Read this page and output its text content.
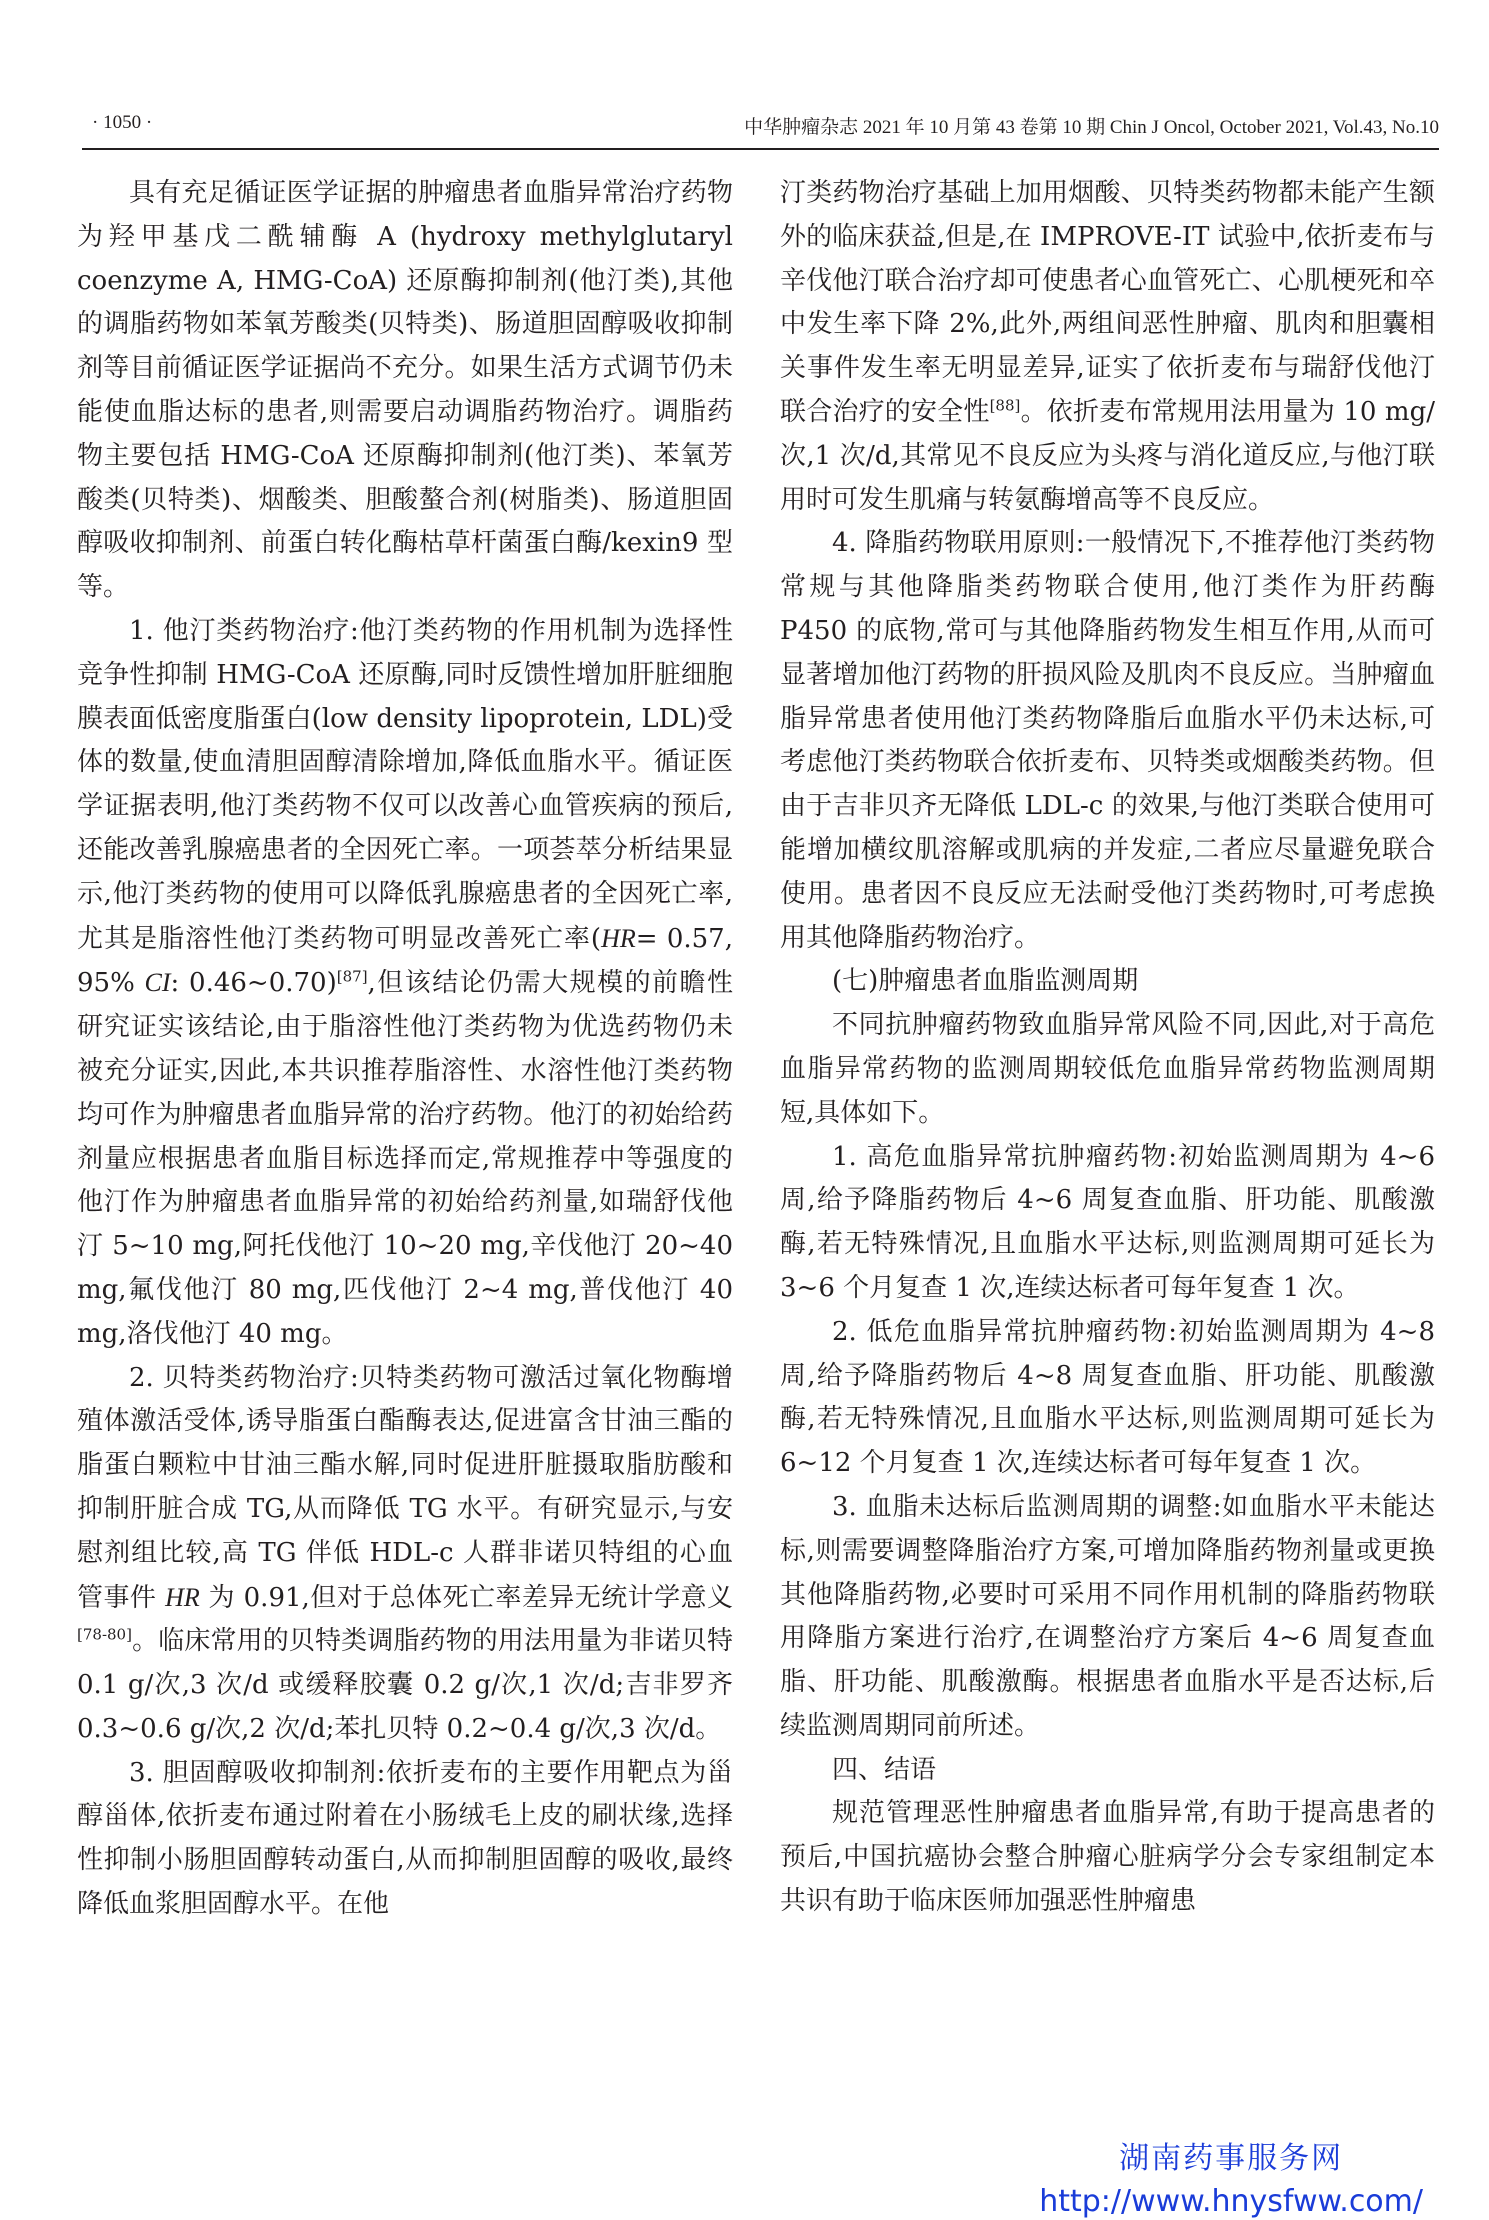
· 1050 ·	中华肿瘤杂志 2021 年 10 月第 43 卷第 10 期 Chin J Oncol, October 2021, Vol.43, No.10

具有充足循证医学证据的肿瘤患者血脂异常治疗药物为羟甲基戊二酰辅酶 A (hydroxy methylglutaryl coenzyme A, HMG-CoA) 还原酶抑制剂(他汀类),其他的调脂药物如苯氧芳酸类(贝特类)、肠道胆固醇吸收抑制剂等目前循证医学证据尚不充分。如果生活方式调节仍未能使血脂达标的患者,则需要启动调脂药物治疗。调脂药物主要包括 HMG-CoA 还原酶抑制剂(他汀类)、苯氧芳酸类(贝特类)、烟酸类、胆酸螯合剂(树脂类)、肠道胆固醇吸收抑制剂、前蛋白转化酶枯草杆菌蛋白酶/kexin9 型等。

1. 他汀类药物治疗:他汀类药物的作用机制为选择性竞争性抑制 HMG-CoA 还原酶,同时反馈性增加肝脏细胞膜表面低密度脂蛋白(low density lipoprotein, LDL)受体的数量,使血清胆固醇清除增加,降低血脂水平。循证医学证据表明,他汀类药物不仅可以改善心血管疾病的预后,还能改善乳腺癌患者的全因死亡率。一项荟萃分析结果显示,他汀类药物的使用可以降低乳腺癌患者的全因死亡率,尤其是脂溶性他汀类药物可明显改善死亡率(HR= 0.57, 95% CI: 0.46~0.70)[87],但该结论仍需大规模的前瞻性研究证实该结论,由于脂溶性他汀类药物为优选药物仍未被充分证实,因此,本共识推荐脂溶性、水溶性他汀类药物均可作为肿瘤患者血脂异常的治疗药物。他汀的初始给药剂量应根据患者血脂目标选择而定,常规推荐中等强度的他汀作为肿瘤患者血脂异常的初始给药剂量,如瑞舒伐他汀 5~10 mg,阿托伐他汀 10~20 mg,辛伐他汀 20~40 mg,氟伐他汀 80 mg,匹伐他汀 2~4 mg,普伐他汀 40 mg,洛伐他汀 40 mg。

2. 贝特类药物治疗:贝特类药物可激活过氧化物酶增殖体激活受体,诱导脂蛋白酯酶表达,促进富含甘油三酯的脂蛋白颗粒中甘油三酯水解,同时促进肝脏摄取脂肪酸和抑制肝脏合成 TG,从而降低 TG 水平。有研究显示,与安慰剂组比较,高 TG 伴低 HDL-c 人群非诺贝特组的心血管事件 HR 为 0.91,但对于总体死亡率差异无统计学意义[78-80]。临床常用的贝特类调脂药物的用法用量为非诺贝特 0.1 g/次,3 次/d 或缓释胶囊 0.2 g/次,1 次/d;吉非罗齐 0.3~0.6 g/次,2 次/d;苯扎贝特 0.2~0.4 g/次,3 次/d。

3. 胆固醇吸收抑制剂:依折麦布的主要作用靶点为甾醇甾体,依折麦布通过附着在小肠绒毛上皮的刷状缘,选择性抑制小肠胆固醇转动蛋白,从而抑制胆固醇的吸收,最终降低血浆胆固醇水平。在他

汀类药物治疗基础上加用烟酸、贝特类药物都未能产生额外的临床获益,但是,在 IMPROVE-IT 试验中,依折麦布与辛伐他汀联合治疗却可使患者心血管死亡、心肌梗死和卒中发生率下降 2%,此外,两组间恶性肿瘤、肌肉和胆囊相关事件发生率无明显差异,证实了依折麦布与瑞舒伐他汀联合治疗的安全性[88]。依折麦布常规用法用量为 10 mg/次,1 次/d,其常见不良反应为头疼与消化道反应,与他汀联用时可发生肌痛与转氨酶增高等不良反应。

4. 降脂药物联用原则:一般情况下,不推荐他汀类药物常规与其他降脂类药物联合使用,他汀类作为肝药酶 P450 的底物,常可与其他降脂药物发生相互作用,从而可显著增加他汀药物的肝损风险及肌肉不良反应。当肿瘤血脂异常患者使用他汀类药物降脂后血脂水平仍未达标,可考虑他汀类药物联合依折麦布、贝特类或烟酸类药物。但由于吉非贝齐无降低 LDL-c 的效果,与他汀类联合使用可能增加横纹肌溶解或肌病的并发症,二者应尽量避免联合使用。患者因不良反应无法耐受他汀类药物时,可考虑换用其他降脂药物治疗。

(七)肿瘤患者血脂监测周期

不同抗肿瘤药物致血脂异常风险不同,因此,对于高危血脂异常药物的监测周期较低危血脂异常药物监测周期短,具体如下。

1. 高危血脂异常抗肿瘤药物:初始监测周期为 4~6 周,给予降脂药物后 4~6 周复查血脂、肝功能、肌酸激酶,若无特殊情况,且血脂水平达标,则监测周期可延长为 3~6 个月复查 1 次,连续达标者可每年复查 1 次。

2. 低危血脂异常抗肿瘤药物:初始监测周期为 4~8 周,给予降脂药物后 4~8 周复查血脂、肝功能、肌酸激酶,若无特殊情况,且血脂水平达标,则监测周期可延长为 6~12 个月复查 1 次,连续达标者可每年复查 1 次。

3. 血脂未达标后监测周期的调整:如血脂水平未能达标,则需要调整降脂治疗方案,可增加降脂药物剂量或更换其他降脂药物,必要时可采用不同作用机制的降脂药物联用降脂方案进行治疗,在调整治疗方案后 4~6 周复查血脂、肝功能、肌酸激酶。根据患者血脂水平是否达标,后续监测周期同前所述。

四、结语

规范管理恶性肿瘤患者血脂异常,有助于提高患者的预后,中国抗癌协会整合肿瘤心脏病学分会专家组制定本共识有助于临床医师加强恶性肿瘤患

湖南药事服务网
http://www.hnysfww.com/
